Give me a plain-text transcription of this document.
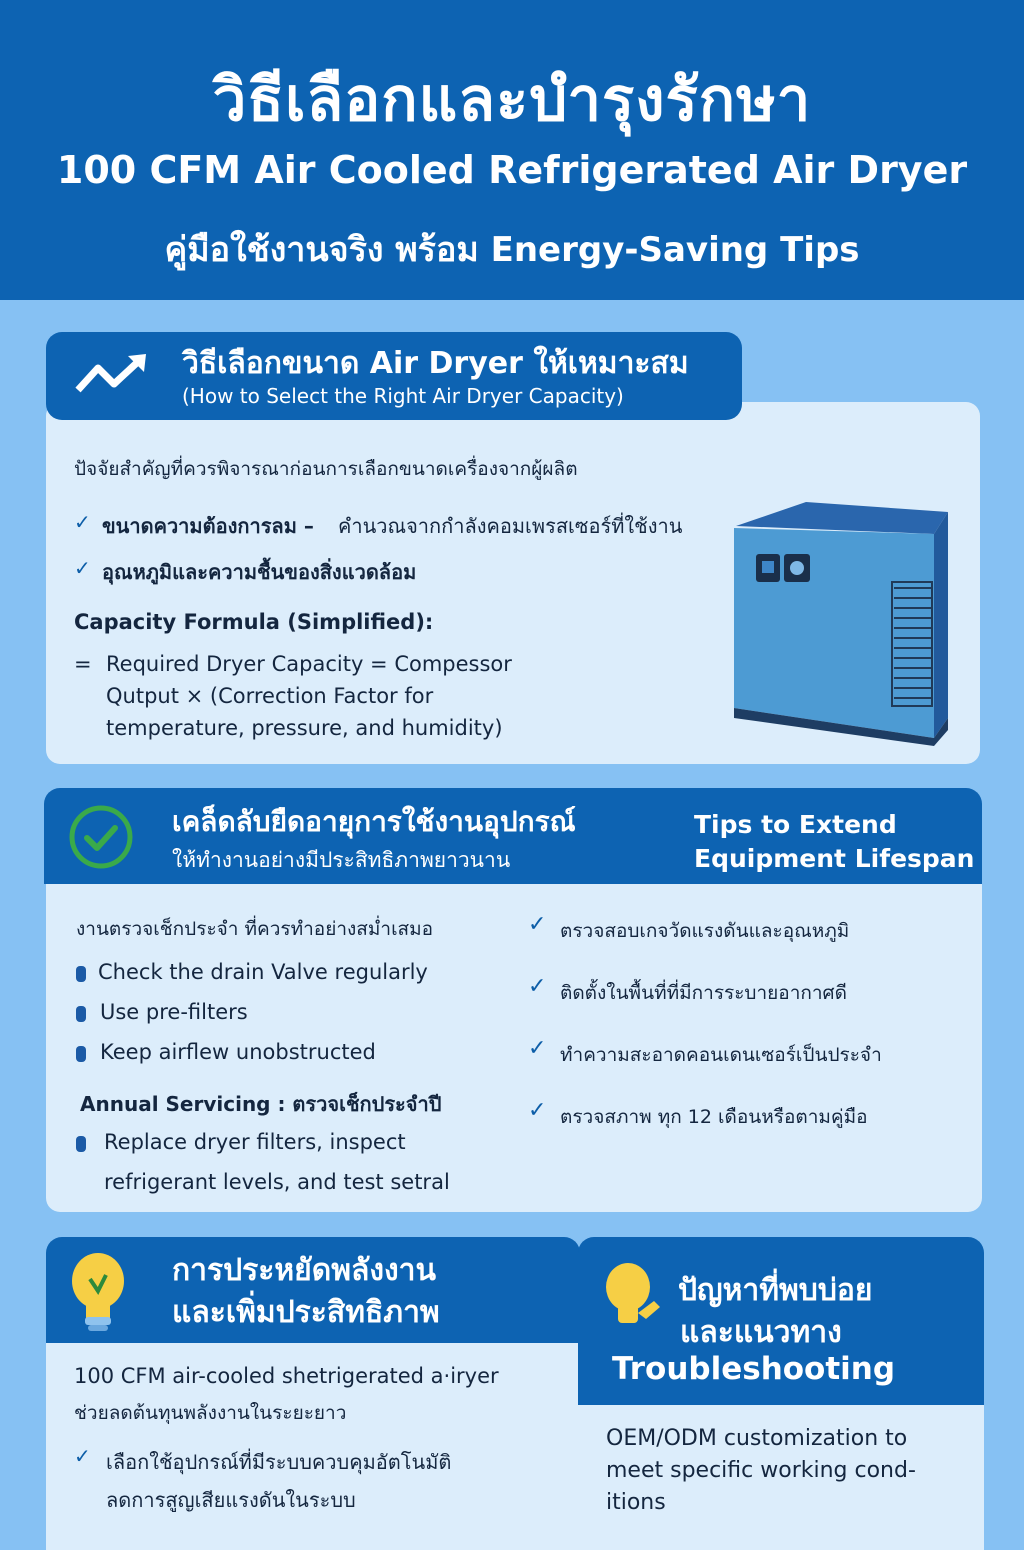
วิธีเลือกและบำรุงรักษา
100 CFM Air Cooled Refrigerated Air Dryer
คู่มือใช้งานจริง พร้อม Energy-Saving Tips
ปัจจัยสำคัญที่ควรพิจารณาก่อนการเลือกขนาดเครื่องจากผู้ผลิต
✓ ขนาดความต้องการลม – คำนวณจากกำลังคอมเพรสเซอร์ที่ใช้งาน
✓ อุณหภูมิและความชื้นของสิ่งแวดล้อม
Capacity Formula (Simplified):
= Required Dryer Capacity = Compessor
Qutput × (Correction Factor for
temperature, pressure, and humidity)
วิธีเลือกขนาด Air Dryer ให้เหมาะสม
(How to Select the Right Air Dryer Capacity)
งานตรวจเช็กประจำ ที่ควรทำอย่างสม่ำเสมอ
Check the drain Valve regularly
Use pre-filters
Keep airflew unobstructed
Annual Servicing : ตรวจเช็กประจำปี
Replace dryer filters, inspect
refrigerant levels, and test setral
✓ ตรวจสอบเกจวัดแรงดันและอุณหภูมิ
✓ ติดตั้งในพื้นที่ที่มีการระบายอากาศดี
✓ ทำความสะอาดคอนเดนเซอร์เป็นประจำ
✓ ตรวจสภาพ ทุก 12 เดือนหรือตามคู่มือ
เคล็ดลับยืดอายุการใช้งานอุปกรณ์
ให้ทำงานอย่างมีประสิทธิภาพยาวนาน
Tips to Extend
Equipment Lifespan
100 CFM air-cooled shetrigerated a·iryer
ช่วยลดต้นทุนพลังงานในระยะยาว
✓ เลือกใช้อุปกรณ์ที่มีระบบควบคุมอัตโนมัติ
ลดการสูญเสียแรงดันในระบบ
การประหยัดพลังงาน
และเพิ่มประสิทธิภาพ
OEM/ODM customization to
meet specific working cond-
itions
ปัญหาที่พบบ่อย
และแนวทาง
Troubleshooting
